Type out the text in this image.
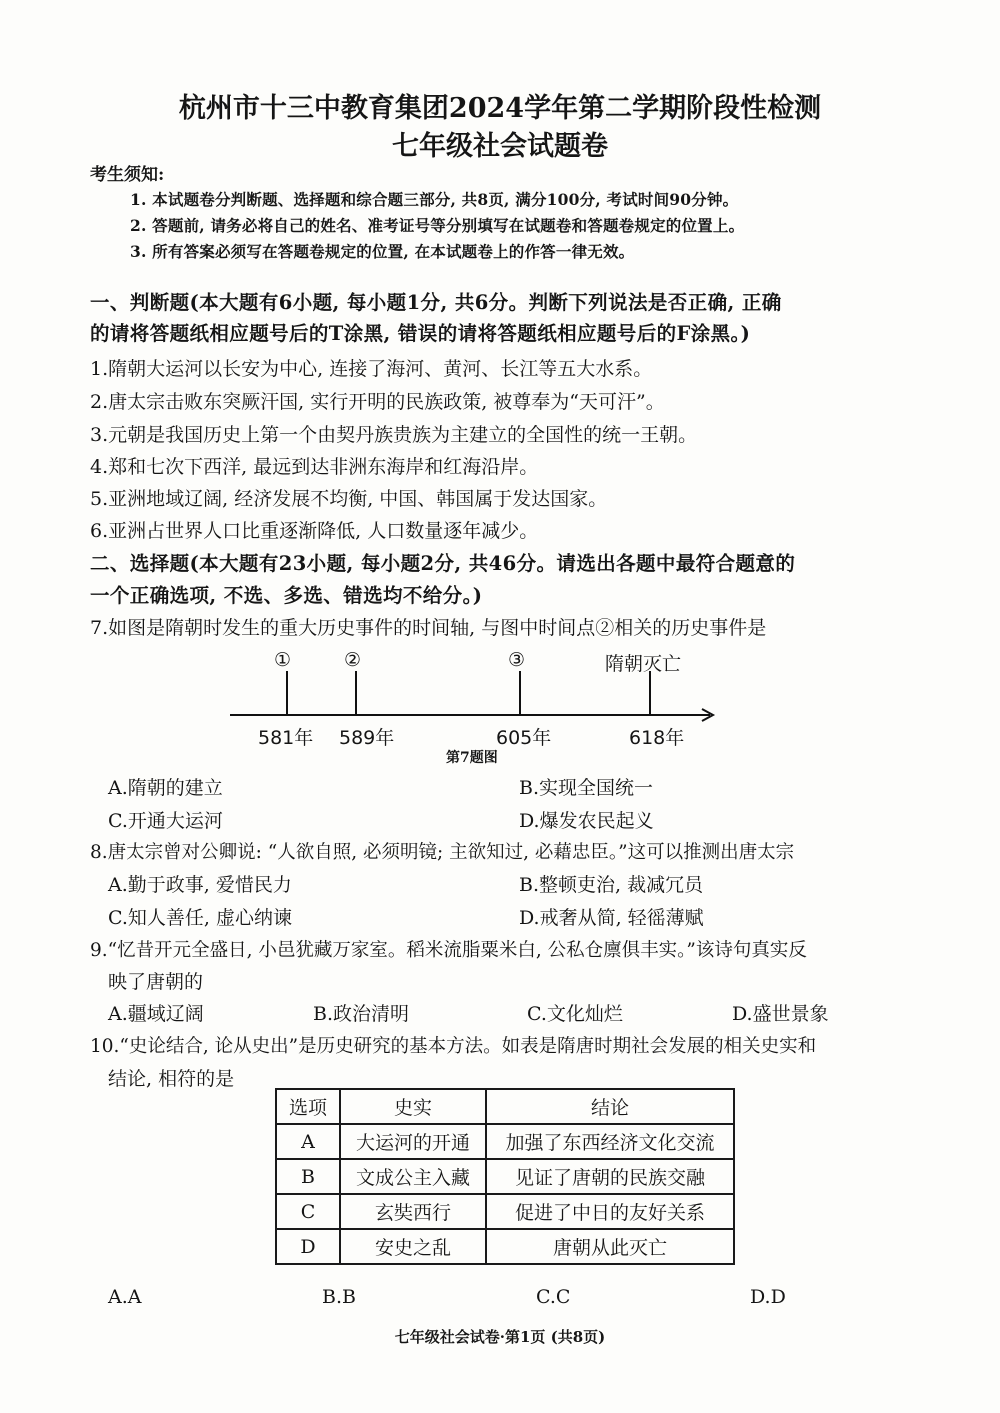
杭州市十三中教育集团2024学年第二学期阶段性检测
七年级社会试题卷
考生须知:
1. 本试题卷分判断题、选择题和综合题三部分, 共8页, 满分100分, 考试时间90分钟。
2. 答题前, 请务必将自己的姓名、准考证号等分别填写在试题卷和答题卷规定的位置上。
3. 所有答案必须写在答题卷规定的位置, 在本试题卷上的作答一律无效。
一、判断题(本大题有6小题, 每小题1分, 共6分。判断下列说法是否正确, 正确
的请将答题纸相应题号后的T涂黑, 错误的请将答题纸相应题号后的F涂黑。)
1.隋朝大运河以长安为中心, 连接了海河、黄河、长江等五大水系。
2.唐太宗击败东突厥汗国, 实行开明的民族政策, 被尊奉为“天可汗”。
3.元朝是我国历史上第一个由契丹族贵族为主建立的全国性的统一王朝。
4.郑和七次下西洋, 最远到达非洲东海岸和红海沿岸。
5.亚洲地域辽阔, 经济发展不均衡, 中国、韩国属于发达国家。
6.亚洲占世界人口比重逐渐降低, 人口数量逐年减少。
二、选择题(本大题有23小题, 每小题2分, 共46分。请选出各题中最符合题意的
一个正确选项, 不选、多选、错选均不给分。)
7.如图是隋朝时发生的重大历史事件的时间轴, 与图中时间点②相关的历史事件是
①	②	③	隋朝灭亡
581年 589年	605年	618年
第7题图
A.隋朝的建立	B.实现全国统一
C.开通大运河	D.爆发农民起义
8.唐太宗曾对公卿说: “人欲自照, 必须明镜; 主欲知过, 必藉忠臣。”这可以推测出唐太宗
A.勤于政事, 爱惜民力	B.整顿吏治, 裁减冗员
C.知人善任, 虚心纳谏	D.戒奢从简, 轻徭薄赋
9.“忆昔开元全盛日, 小邑犹藏万家室。稻米流脂粟米白, 公私仓廪俱丰实。”该诗句真实反
映了唐朝的
A.疆域辽阔	B.政治清明	C.文化灿烂	D.盛世景象
10.“史论结合, 论从史出”是历史研究的基本方法。如表是隋唐时期社会发展的相关史实和
结论, 相符的是
选项	史实	结论
A	大运河的开通	加强了东西经济文化交流
B	文成公主入藏	见证了唐朝的民族交融
C	玄奘西行	促进了中日的友好关系
D	安史之乱	唐朝从此灭亡
A.A	B.B	C.C	D.D
七年级社会试卷·第1页 (共8页)
